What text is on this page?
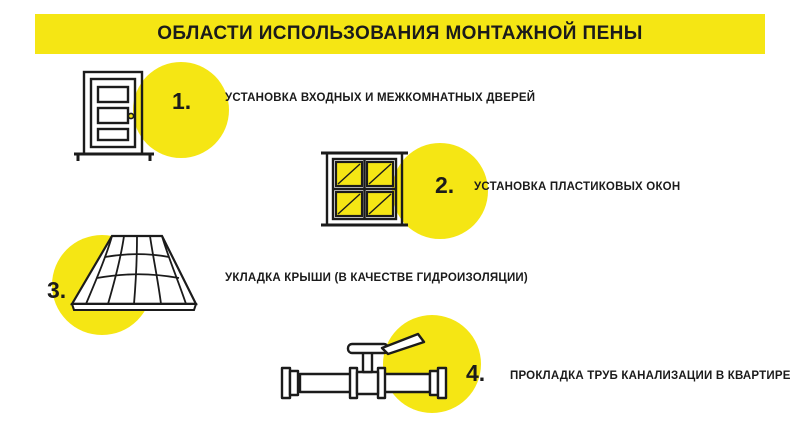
ОБЛАСТИ ИСПОЛЬЗОВАНИЯ МОНТАЖНОЙ ПЕНЫ
1.	УСТАНОВКА ВХОДНЫХ И МЕЖКОМНАТНЫХ ДВЕРЕЙ
2. УСТАНОВКА ПЛАСТИКОВЫХ ОКОН
3.	УКЛАДКА КРЫШИ (В КАЧЕСТВЕ ГИДРОИЗОЛЯЦИИ)
4. ПРОКЛАДКА ТРУБ КАНАЛИЗАЦИИ В КВАРТИРЕ
